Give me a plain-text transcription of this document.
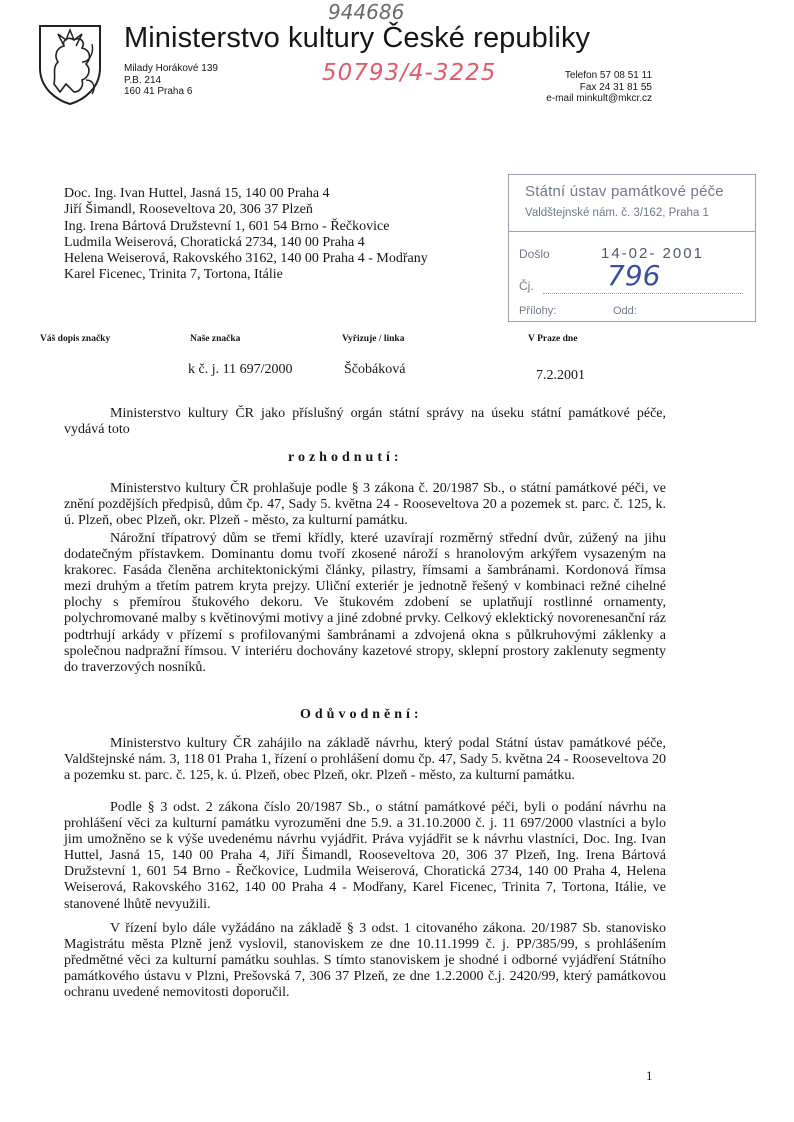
Ministerstvo kultury České republiky
Milady Horákové 139
P.B. 214
160 41 Praha 6
Telefon 57 08 51 11
Fax 24 31 81 55
e-mail minkult@mkcr.cz
944686
50793/4-3225
Státní ústav památkové péče
Valdštejnské nám. č. 3/162, Praha 1
Došlo	14-02- 2001
Čj.	796
Přílohy:	Odd:
Doc. Ing. Ivan Huttel, Jasná 15, 140 00 Praha 4
Jiří Šimandl, Rooseveltova 20, 306 37 Plzeň
Ing. Irena Bártová Družstevní 1, 601 54 Brno - Řečkovice
Ludmila Weiserová, Choratická 2734, 140 00 Praha 4
Helena Weiserová, Rakovského 3162, 140 00 Praha 4 - Modřany
Karel Ficenec, Trinita 7, Tortona, Itálie
Váš dopis značky	Naše značka	Vyřizuje / linka	V Praze dne
k č. j. 11 697/2000	Ščobáková	7.2.2001
Ministerstvo kultury ČR jako příslušný orgán státní správy na úseku státní památkové péče, vydává toto
rozhodnutí:
Ministerstvo kultury ČR prohlašuje podle § 3 zákona č. 20/1987 Sb., o státní památkové péči, ve znění pozdějších předpisů, dům čp. 47, Sady 5. května 24 - Rooseveltova 20 a pozemek st. parc. č. 125, k. ú. Plzeň, obec Plzeň, okr. Plzeň - město, za kulturní památku.
Nárožní třípatrový dům se třemi křídly, které uzavírají rozměrný střední dvůr, zúžený na jihu dodatečným přístavkem. Dominantu domu tvoří zkosené nároží s hranolovým arkýřem vysazeným na krakorec. Fasáda členěna architektonickými články, pilastry, římsami a šambránami. Kordonová římsa mezi druhým a třetím patrem kryta prejzy. Uliční exteriér je jednotně řešený v kombinaci režné cihelné plochy s přemírou štukového dekoru. Ve štukovém zdobení se uplatňují rostlinné ornamenty, polychromované malby s květinovými motivy a jiné zdobné prvky. Celkový eklektický novorenesanční ráz podtrhují arkády v přízemí s profilovanými šambránami a zdvojená okna s půlkruhovými záklenky a společnou nadpražní římsou. V interiéru dochovány kazetové stropy, sklepní prostory zaklenuty segmenty do traverzových nosníků.
Odůvodnění:
Ministerstvo kultury ČR zahájilo na základě návrhu, který podal Státní ústav památkové péče, Valdštejnské nám. 3, 118 01 Praha 1, řízení o prohlášení domu čp. 47, Sady 5. května 24 - Rooseveltova 20 a pozemku st. parc. č. 125, k. ú. Plzeň, obec Plzeň, okr. Plzeň - město, za kulturní památku.
Podle § 3 odst. 2 zákona číslo 20/1987 Sb., o státní památkové péči, byli o podání návrhu na prohlášení věci za kulturní památku vyrozuměni dne 5.9. a 31.10.2000 č. j. 11 697/2000 vlastníci a bylo jim umožněno se k výše uvedenému návrhu vyjádřit. Práva vyjádřit se k návrhu vlastníci, Doc. Ing. Ivan Huttel, Jasná 15, 140 00 Praha 4, Jiří Šimandl, Rooseveltova 20, 306 37 Plzeň, Ing. Irena Bártová Družstevní 1, 601 54 Brno - Řečkovice, Ludmila Weiserová, Choratická 2734, 140 00 Praha 4, Helena Weiserová, Rakovského 3162, 140 00 Praha 4 - Modřany, Karel Ficenec, Trinita 7, Tortona, Itálie, ve stanovené lhůtě nevyužili.
V řízení bylo dále vyžádáno na základě § 3 odst. 1 citovaného zákona. 20/1987 Sb. stanovisko Magistrátu města Plzně jenž vyslovil, stanoviskem ze dne 10.11.1999 č. j. PP/385/99, s prohlášením předmětné věci za kulturní památku souhlas. S tímto stanoviskem je shodné i odborné vyjádření Státního památkového ústavu v Plzni, Prešovská 7, 306 37 Plzeň, ze dne 1.2.2000 č.j. 2420/99, který památkovou ochranu uvedené nemovitosti doporučil.
1
